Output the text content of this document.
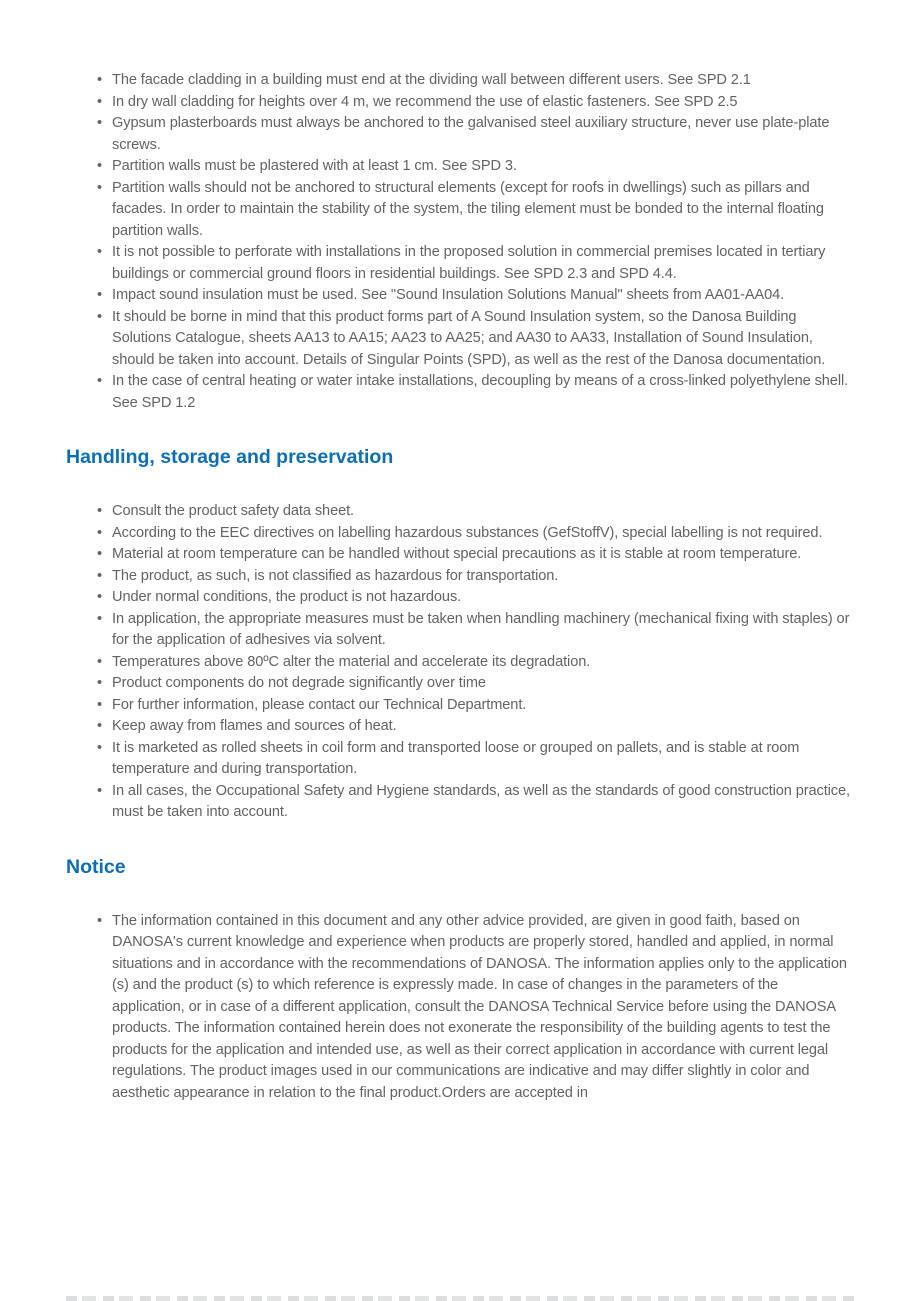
• The facade cladding in a building must end at the dividing wall between different users. See SPD 2.1
• In dry wall cladding for heights over 4 m, we recommend the use of elastic fasteners. See SPD 2.5
• Gypsum plasterboards must always be anchored to the galvanised steel auxiliary structure, never use plate-plate screws.
• Partition walls must be plastered with at least 1 cm. See SPD 3.
• Partition walls should not be anchored to structural elements (except for roofs in dwellings) such as pillars and facades. In order to maintain the stability of the system, the tiling element must be bonded to the internal floating partition walls.
• It is not possible to perforate with installations in the proposed solution in commercial premises located in tertiary buildings or commercial ground floors in residential buildings. See SPD 2.3 and SPD 4.4.
• Impact sound insulation must be used. See "Sound Insulation Solutions Manual" sheets from AA01-AA04.
• It should be borne in mind that this product forms part of A Sound Insulation system, so the Danosa Building Solutions Catalogue, sheets AA13 to AA15; AA23 to AA25; and AA30 to AA33, Installation of Sound Insulation, should be taken into account. Details of Singular Points (SPD), as well as the rest of the Danosa documentation.
• In the case of central heating or water intake installations, decoupling by means of a cross-linked polyethylene shell. See SPD 1.2
Handling, storage and preservation
• Consult the product safety data sheet.
• According to the EEC directives on labelling hazardous substances (GefStoffV), special labelling is not required.
• Material at room temperature can be handled without special precautions as it is stable at room temperature.
• The product, as such, is not classified as hazardous for transportation.
• Under normal conditions, the product is not hazardous.
• In application, the appropriate measures must be taken when handling machinery (mechanical fixing with staples) or for the application of adhesives via solvent.
• Temperatures above 80ºC alter the material and accelerate its degradation.
• Product components do not degrade significantly over time
• For further information, please contact our Technical Department.
• Keep away from flames and sources of heat.
• It is marketed as rolled sheets in coil form and transported loose or grouped on pallets, and is stable at room temperature and during transportation.
• In all cases, the Occupational Safety and Hygiene standards, as well as the standards of good construction practice, must be taken into account.
Notice
• The information contained in this document and any other advice provided, are given in good faith, based on DANOSA's current knowledge and experience when products are properly stored, handled and applied, in normal situations and in accordance with the recommendations of DANOSA. The information applies only to the application (s) and the product (s) to which reference is expressly made. In case of changes in the parameters of the application, or in case of a different application, consult the DANOSA Technical Service before using the DANOSA products. The information contained herein does not exonerate the responsibility of the building agents to test the products for the application and intended use, as well as their correct application in accordance with current legal regulations. The product images used in our communications are indicative and may differ slightly in color and aesthetic appearance in relation to the final product.Orders are accepted in
